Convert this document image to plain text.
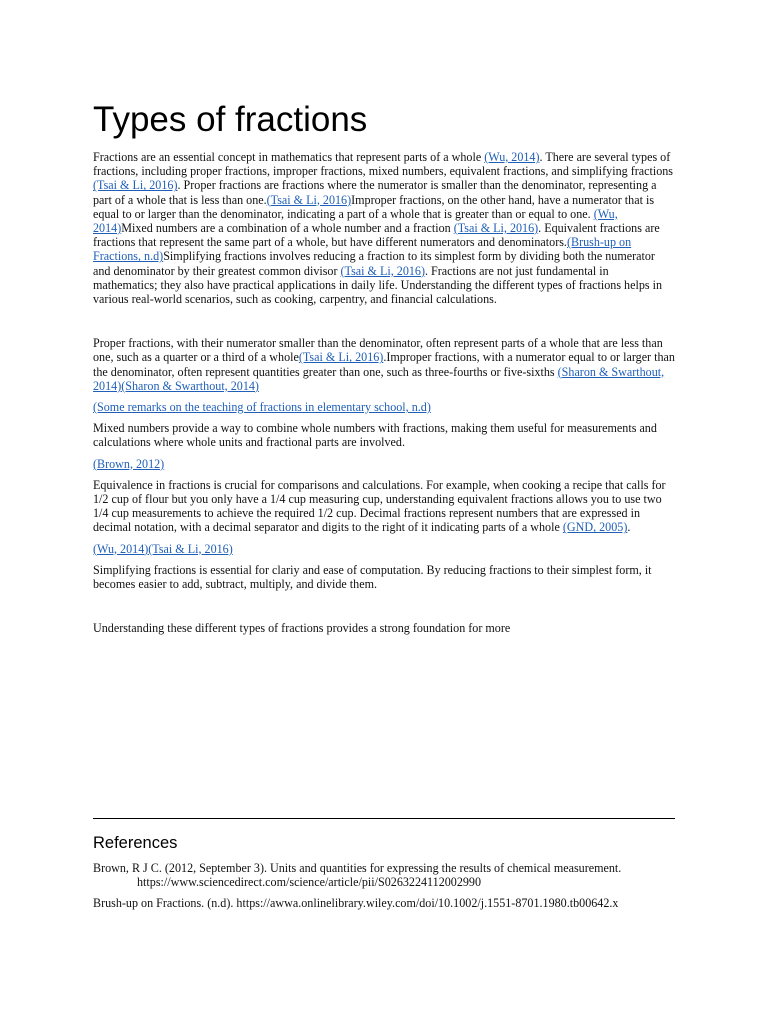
Types of fractions

Fractions are an essential concept in mathematics that represent parts of a whole (Wu, 2014). There are several types of fractions, including proper fractions, improper fractions, mixed numbers, equivalent fractions, and simplifying fractions (Tsai & Li, 2016). Proper fractions are fractions where the numerator is smaller than the denominator, representing a part of a whole that is less than one.(Tsai & Li, 2016)Improper fractions, on the other hand, have a numerator that is equal to or larger than the denominator, indicating a part of a whole that is greater than or equal to one. (Wu, 2014)Mixed numbers are a combination of a whole number and a fraction (Tsai & Li, 2016). Equivalent fractions are fractions that represent the same part of a whole, but have different numerators and denominators.(Brush-up on Fractions, n.d)Simplifying fractions involves reducing a fraction to its simplest form by dividing both the numerator and denominator by their greatest common divisor (Tsai & Li, 2016). Fractions are not just fundamental in mathematics; they also have practical applications in daily life. Understanding the different types of fractions helps in various real-world scenarios, such as cooking, carpentry, and financial calculations.

Proper fractions, with their numerator smaller than the denominator, often represent parts of a whole that are less than one, such as a quarter or a third of a whole(Tsai & Li, 2016).Improper fractions, with a numerator equal to or larger than the denominator, often represent quantities greater than one, such as three-fourths or five-sixths (Sharon & Swarthout, 2014)(Sharon & Swarthout, 2014)

(Some remarks on the teaching of fractions in elementary school, n.d)

Mixed numbers provide a way to combine whole numbers with fractions, making them useful for measurements and calculations where whole units and fractional parts are involved.

(Brown, 2012)

Equivalence in fractions is crucial for comparisons and calculations. For example, when cooking a recipe that calls for 1/2 cup of flour but you only have a 1/4 cup measuring cup, understanding equivalent fractions allows you to use two 1/4 cup measurements to achieve the required 1/2 cup. Decimal fractions represent numbers that are expressed in decimal notation, with a decimal separator and digits to the right of it indicating parts of a whole (GND, 2005).

(Wu, 2014)(Tsai & Li, 2016)

Simplifying fractions is essential for clariy and ease of computation. By reducing fractions to their simplest form, it becomes easier to add, subtract, multiply, and divide them.

Understanding these different types of fractions provides a strong foundation for more

References

Brown, R J C. (2012, September 3). Units and quantities for expressing the results of chemical measurement. https://www.sciencedirect.com/science/article/pii/S0263224112002990

Brush-up on Fractions. (n.d). https://awwa.onlinelibrary.wiley.com/doi/10.1002/j.1551-8701.1980.tb00642.x
